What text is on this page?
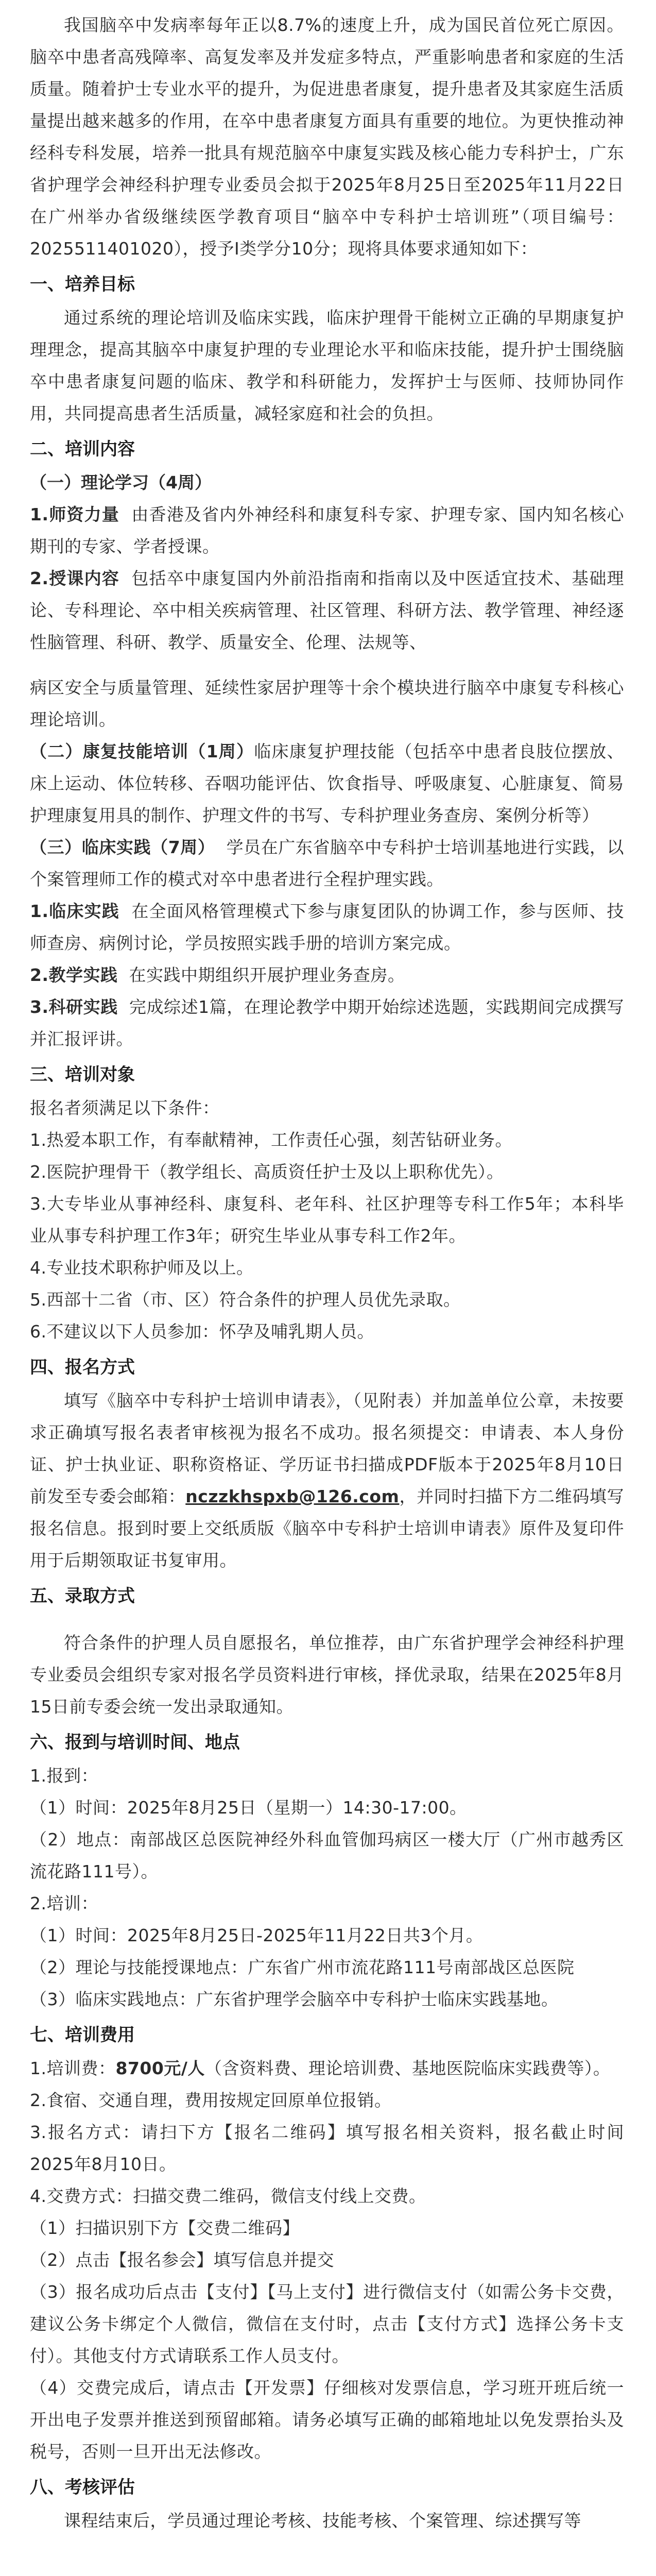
我国脑卒中发病率每年正以8.7%的速度上升，成为国民首位死亡原因。脑卒中患者高残障率、高复发率及并发症多特点，严重影响患者和家庭的生活质量。随着护士专业水平的提升，为促进患者康复，提升患者及其家庭生活质量提出越来越多的作用，在卒中患者康复方面具有重要的地位。为更快推动神经科专科发展，培养一批具有规范脑卒中康复实践及核心能力专科护士，广东省护理学会神经科护理专业委员会拟于2025年8月25日至2025年11月22日在广州举办省级继续医学教育项目“脑卒中专科护士培训班”（项目编号：2025511401020），授予Ⅰ类学分10分；现将具体要求通知如下：

一、培养目标

通过系统的理论培训及临床实践，临床护理骨干能树立正确的早期康复护理理念，提高其脑卒中康复护理的专业理论水平和临床技能，提升护士围绕脑卒中患者康复问题的临床、教学和科研能力，发挥护士与医师、技师协同作用，共同提高患者生活质量，减轻家庭和社会的负担。

二、培训内容
（一）理论学习（4周）

1.师资力量 由香港及省内外神经科和康复科专家、护理专家、国内知名核心期刊的专家、学者授课。

2.授课内容 包括卒中康复国内外前沿指南和指南以及中医适宜技术、基础理论、专科理论、卒中相关疾病管理、社区管理、科研方法、教学管理、神经逐性脑管理、科研、教学、质量安全、伦理、法规等、

病区安全与质量管理、延续性家居护理等十余个模块进行脑卒中康复专科核心理论培训。

（二）康复技能培训（1周）临床康复护理技能（包括卒中患者良肢位摆放、床上运动、体位转移、吞咽功能评估、饮食指导、呼吸康复、心脏康复、简易护理康复用具的制作、护理文件的书写、专科护理业务查房、案例分析等）

（三）临床实践（7周） 学员在广东省脑卒中专科护士培训基地进行实践，以个案管理师工作的模式对卒中患者进行全程护理实践。

1.临床实践 在全面风格管理模式下参与康复团队的协调工作，参与医师、技师查房、病例讨论，学员按照实践手册的培训方案完成。

2.教学实践 在实践中期组织开展护理业务查房。

3.科研实践 完成综述1篇，在理论教学中期开始综述选题，实践期间完成撰写并汇报评讲。

三、培训对象

报名者须满足以下条件：

1.热爱本职工作，有奉献精神，工作责任心强，刻苦钻研业务。

2.医院护理骨干（教学组长、高质资任护士及以上职称优先）。

3.大专毕业从事神经科、康复科、老年科、社区护理等专科工作5年；本科毕业从事专科护理工作3年；研究生毕业从事专科工作2年。

4.专业技术职称护师及以上。

5.西部十二省（市、区）符合条件的护理人员优先录取。

6.不建议以下人员参加：怀孕及哺乳期人员。

四、报名方式

填写《脑卒中专科护士培训申请表》，（见附表）并加盖单位公章，未按要求正确填写报名表者审核视为报名不成功。报名须提交：申请表、本人身份证、护士执业证、职称资格证、学历证书扫描成PDF版本于2025年8月10日前发至专委会邮箱：nczzkhspxb@126.com，并同时扫描下方二维码填写报名信息。报到时要上交纸质版《脑卒中专科护士培训申请表》原件及复印件用于后期领取证书复审用。

五、录取方式

符合条件的护理人员自愿报名，单位推荐，由广东省护理学会神经科护理专业委员会组织专家对报名学员资料进行审核，择优录取，结果在2025年8月15日前专委会统一发出录取通知。

六、报到与培训时间、地点

1.报到：

（1）时间：2025年8月25日（星期一）14:30-17:00。

（2）地点：南部战区总医院神经外科血管伽玛病区一楼大厅（广州市越秀区流花路111号）。

2.培训：

（1）时间：2025年8月25日-2025年11月22日共3个月。

（2）理论与技能授课地点：广东省广州市流花路111号南部战区总医院

（3）临床实践地点：广东省护理学会脑卒中专科护士临床实践基地。

七、培训费用

1.培训费：8700元/人（含资料费、理论培训费、基地医院临床实践费等）。

2.食宿、交通自理，费用按规定回原单位报销。

3.报名方式：请扫下方【报名二维码】填写报名相关资料，报名截止时间2025年8月10日。

4.交费方式：扫描交费二维码，微信支付线上交费。

（1）扫描识别下方【交费二维码】

（2）点击【报名参会】填写信息并提交

（3）报名成功后点击【支付】【马上支付】进行微信支付（如需公务卡交费，建议公务卡绑定个人微信，微信在支付时，点击【支付方式】选择公务卡支付）。其他支付方式请联系工作人员支付。

（4）交费完成后，请点击【开发票】仔细核对发票信息，学习班开班后统一开出电子发票并推送到预留邮箱。请务必填写正确的邮箱地址以免发票抬头及税号，否则一旦开出无法修改。

八、考核评估

课程结束后，学员通过理论考核、技能考核、个案管理、综述撰写等
